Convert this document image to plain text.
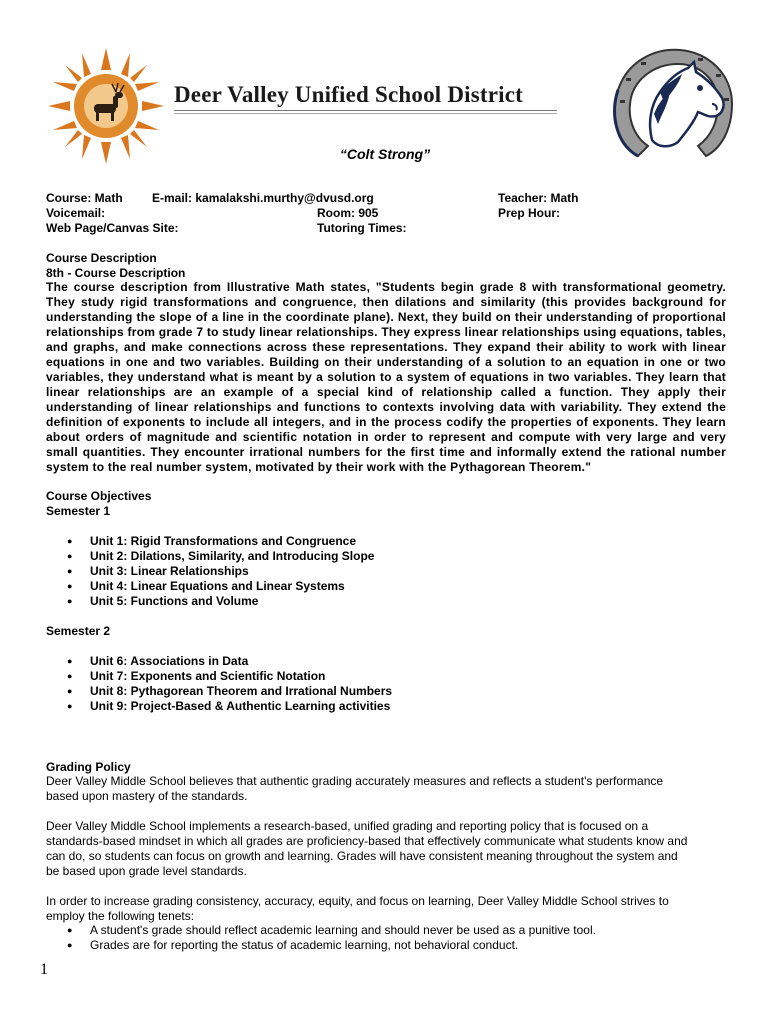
Deer Valley Unified School District
“Colt Strong”
Course: Math E-mail: kamalakshi.murthy@dvusd.org	Teacher: Math
Voicemail:	Room: 905	Prep Hour:
Web Page/Canvas Site:	Tutoring Times:
Course Description
8th - Course Description
The course description from Illustrative Math states, "Students begin grade 8 with transformational geometry. They study rigid transformations and congruence, then dilations and similarity (this provides background for understanding the slope of a line in the coordinate plane). Next, they build on their understanding of proportional relationships from grade 7 to study linear relationships. They express linear relationships using equations, tables, and graphs, and make connections across these representations. They expand their ability to work with linear equations in one and two variables. Building on their understanding of a solution to an equation in one or two variables, they understand what is meant by a solution to a system of equations in two variables. They learn that linear relationships are an example of a special kind of relationship called a function. They apply their understanding of linear relationships and functions to contexts involving data with variability. They extend the definition of exponents to include all integers, and in the process codify the properties of exponents. They learn about orders of magnitude and scientific notation in order to represent and compute with very large and very small quantities. They encounter irrational numbers for the first time and informally extend the rational number system to the real number system, motivated by their work with the Pythagorean Theorem."
Course Objectives
Semester 1
● Unit 1: Rigid Transformations and Congruence
● Unit 2: Dilations, Similarity, and Introducing Slope
● Unit 3: Linear Relationships
● Unit 4: Linear Equations and Linear Systems
● Unit 5: Functions and Volume
Semester 2
● Unit 6: Associations in Data
● Unit 7: Exponents and Scientific Notation
● Unit 8: Pythagorean Theorem and Irrational Numbers
● Unit 9: Project-Based & Authentic Learning activities
Grading Policy
Deer Valley Middle School believes that authentic grading accurately measures and reflects a student's performance
based upon mastery of the standards.
Deer Valley Middle School implements a research-based, unified grading and reporting policy that is focused on a
standards-based mindset in which all grades are proficiency-based that effectively communicate what students know and
can do, so students can focus on growth and learning. Grades will have consistent meaning throughout the system and
be based upon grade level standards.
In order to increase grading consistency, accuracy, equity, and focus on learning, Deer Valley Middle School strives to
employ the following tenets:
● A student's grade should reflect academic learning and should never be used as a punitive tool.
● Grades are for reporting the status of academic learning, not behavioral conduct.
1
